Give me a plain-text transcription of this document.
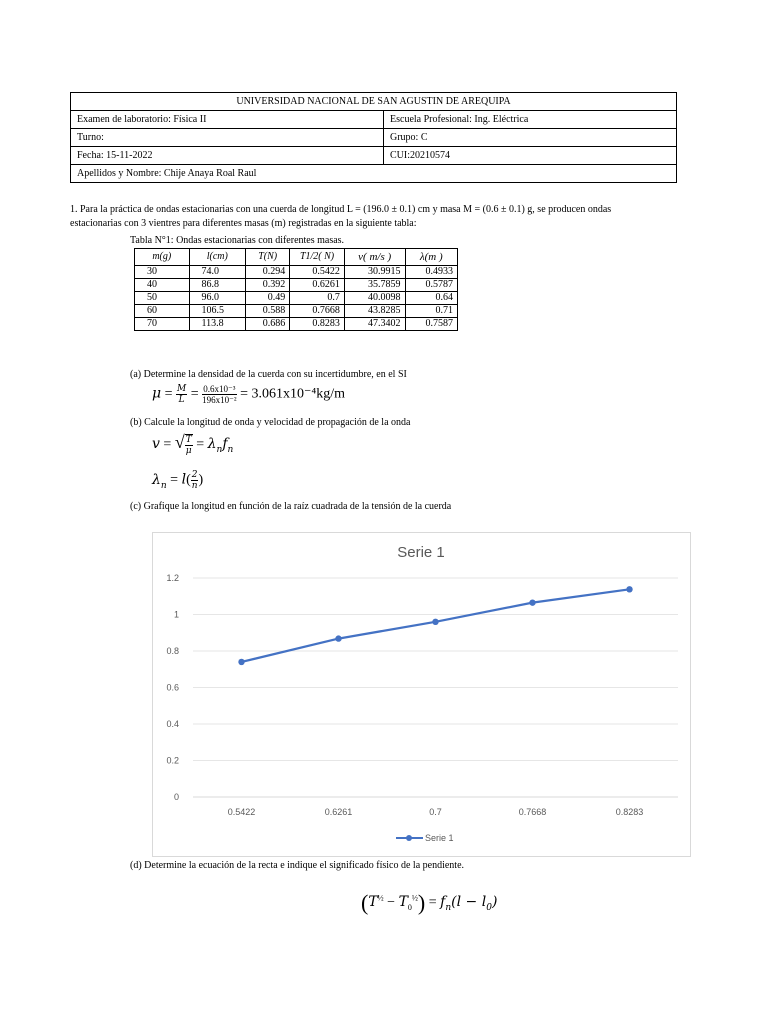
UNIVERSIDAD NACIONAL DE SAN AGUSTIN DE AREQUIPA	
Examen de laboratorio: Física II	Escuela Profesional: Ing. Eléctrica
Turno:	Grupo: C
Fecha: 15-11-2022	CUI:20210574
Apellidos y Nombre: Chije Anaya Roal Raul	
1. Para la práctica de ondas estacionarias con una cuerda de longitud L = (196.0 ± 0.1) cm y masa M = (0.6 ± 0.1) g, se producen ondas
estacionarias con 3 vientres para diferentes masas (m) registradas en la siguiente tabla:
Tabla N°1: Ondas estacionarias con diferentes masas.
m(g)	l(cm)	T(N)	T1/2( N)	v( m/s )	λ(m )
30	74.0	0.294	0.5422	30.9915	0.4933
40	86.8	0.392	0.6261	35.7859	0.5787
50	96.0	0.49	0.7	40.0098	0.64
60	106.5	0.588	0.7668	43.8285	0.71
70	113.8	0.686	0.8283	47.3402	0.7587
(a) Determine la densidad de la cuerda con su incertidumbre, en el SI
$\mu = \frac{M}{L} = \frac{\text{0.6x10⁻³}}{\text{196x10⁻²}} = 3.061x10^{-4}kg/m$
(b) Calcule la longitud de onda y velocidad de propagación de la onda
v = √ $\frac{T}{\mu} = \lambda_nf_n$
$\lambda_n = l( \frac{2}{n}$ )
(c) Grafique la longitud en función de la raíz cuadrada de la tensión de la cuerda
Serie 1
0
0.2
0.4
0.6
0.8
1
1.2
0.5422	0.6261	0.7	0.7668	0.8283
Serie 1
(d) Determine la ecuación de la recta e indique el significado físico de la pendiente.
$(T^{\frac{1}{2}} - T_0^{\frac{1}{2}}) = f_n(l - l_0)$
